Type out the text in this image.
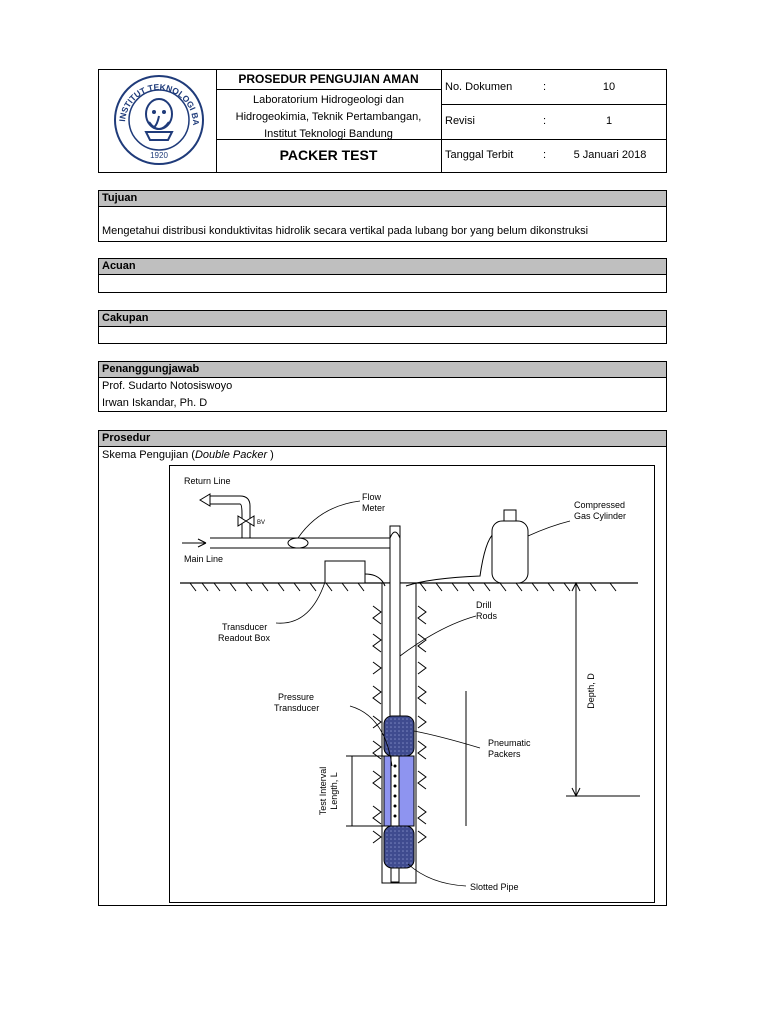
INSTITUT TEKNOLOGI BA
1920
PROSEDUR PENGUJIAN AMAN
Laboratorium Hidrogeologi dan
Hidrogeokimia, Teknik Pertambangan,
Institut Teknologi Bandung
PACKER TEST
No. Dokumen	:	10
Revisi	:	1
Tanggal Terbit	:	5 Januari 2018
Tujuan
Mengetahui distribusi konduktivitas hidrolik secara vertikal pada lubang bor yang belum dikonstruksi
Acuan
Cakupan
Penanggungjawab
Prof. Sudarto Notosiswoyo
Irwan Iskandar, Ph. D
Prosedur
Skema Pengujian (Double Packer )
BV
Return Line
Main Line
Flow
Meter	Compressed
Gas Cylinder
Transducer
Readout Box
Drill
Rods
Pressure
Transducer
Pneumatic
Packers
Slotted Pipe
Depth, D
Test Interval Length, L
